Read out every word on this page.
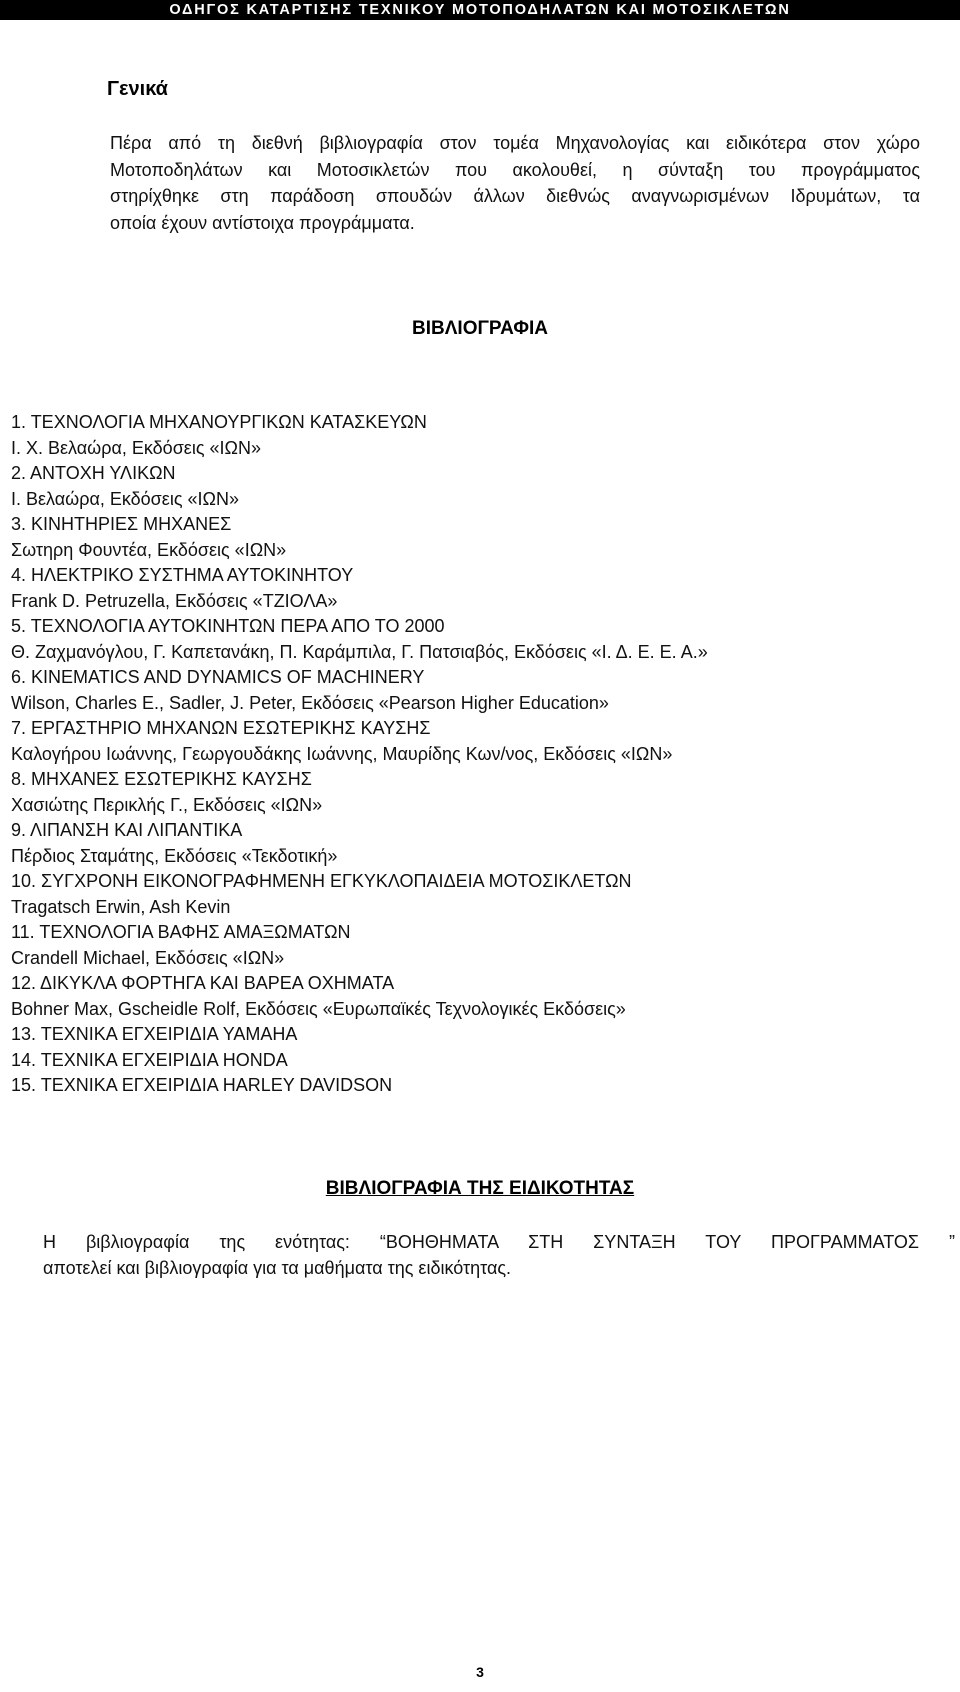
ΟΔΗΓΟΣ ΚΑΤΑΡΤΙΣΗΣ ΤΕΧΝΙΚΟΥ ΜΟΤΟΠΟΔΗΛΑΤΩΝ ΚΑΙ ΜΟΤΟΣΙΚΛΕΤΩΝ
Γενικά
Πέρα από τη διεθνή βιβλιογραφία στον τομέα Μηχανολογίας και ειδικότερα στον χώρο
Μοτοποδηλάτων και Μοτοσικλετών που ακολουθεί, η σύνταξη του προγράμματος
στηρίχθηκε στη παράδοση σπουδών άλλων διεθνώς αναγνωρισμένων Ιδρυμάτων, τα
οποία έχουν αντίστοιχα προγράμματα.
ΒΙΒΛΙΟΓΡΑΦΙΑ
1. ΤΕΧΝΟΛΟΓΙΑ ΜΗΧΑΝΟΥΡΓΙΚΩΝ ΚΑΤΑΣΚΕΥΩΝ
Ι. Χ. Βελαώρα, Εκδόσεις «ΙΩΝ»
2. ΑΝΤΟΧΗ ΥΛΙΚΩΝ
Ι. Βελαώρα, Εκδόσεις «ΙΩΝ»
3. ΚΙΝΗΤΗΡΙΕΣ ΜΗΧΑΝΕΣ
Σωτηρη Φουντέα, Εκδόσεις «ΙΩΝ»
4. ΗΛΕΚΤΡΙΚΟ ΣΥΣΤΗΜΑ ΑΥΤΟΚΙΝΗΤΟΥ
Frank D. Petruzella, Εκδόσεις «ΤΖΙΟΛΑ»
5. ΤΕΧΝΟΛΟΓΙΑ ΑΥΤΟΚΙΝΗΤΩΝ ΠΕΡΑ ΑΠΟ ΤΟ 2000
Θ. Ζαχμανόγλου, Γ. Καπετανάκη, Π. Καράμπιλα, Γ. Πατσιαβός, Εκδόσεις «Ι. Δ. Ε. Ε. Α.»
6. KINEMATICS AND DYNAMICS OF MACHINERY
Wilson, Charles E., Sadler, J. Peter, Εκδόσεις «Pearson Higher Education»
7. ΕΡΓΑΣΤΗΡΙΟ ΜΗΧΑΝΩΝ ΕΣΩΤΕΡΙΚΗΣ ΚΑΥΣΗΣ
Καλογήρου Ιωάννης, Γεωργουδάκης Ιωάννης, Μαυρίδης Κων/νος, Εκδόσεις «ΙΩΝ»
8. ΜΗΧΑΝΕΣ ΕΣΩΤΕΡΙΚΗΣ ΚΑΥΣΗΣ
Χασιώτης Περικλής Γ., Εκδόσεις «ΙΩΝ»
9. ΛΙΠΑΝΣΗ ΚΑΙ ΛΙΠΑΝΤΙΚΑ
Πέρδιος Σταμάτης, Εκδόσεις «Τεκδοτική»
10. ΣΥΓΧΡΟΝΗ ΕΙΚΟΝΟΓΡΑΦΗΜΕΝΗ ΕΓΚΥΚΛΟΠΑΙΔΕΙΑ ΜΟΤΟΣΙΚΛΕΤΩΝ
Tragatsch Erwin, Ash Kevin
11. ΤΕΧΝΟΛΟΓΙΑ ΒΑΦΗΣ ΑΜΑΞΩΜΑΤΩΝ
Crandell Michael, Εκδόσεις «ΙΩΝ»
12. ΔΙΚΥΚΛΑ ΦΟΡΤΗΓΑ ΚΑΙ ΒΑΡΕΑ ΟΧΗΜΑΤΑ
Bohner Max, Gscheidle Rolf, Εκδόσεις «Ευρωπαϊκές Τεχνολογικές Εκδόσεις»
13. ΤΕΧΝΙΚΑ ΕΓΧΕΙΡΙΔΙΑ YAMAHA
14. ΤΕΧΝΙΚΑ ΕΓΧΕΙΡΙΔΙΑ HONDA
15. ΤΕΧΝΙΚΑ ΕΓΧΕΙΡΙΔΙΑ HARLEY DAVIDSON
ΒΙΒΛΙΟΓΡΑΦΙΑ ΤΗΣ ΕΙΔΙΚΟΤΗΤΑΣ
Η βιβλιογραφία της ενότητας: “ΒΟΗΘΗΜΑΤΑ ΣΤΗ ΣΥΝΤΑΞΗ ΤΟΥ ΠΡΟΓΡΑΜΜΑΤΟΣ ”
αποτελεί και βιβλιογραφία για τα μαθήματα της ειδικότητας.
3
